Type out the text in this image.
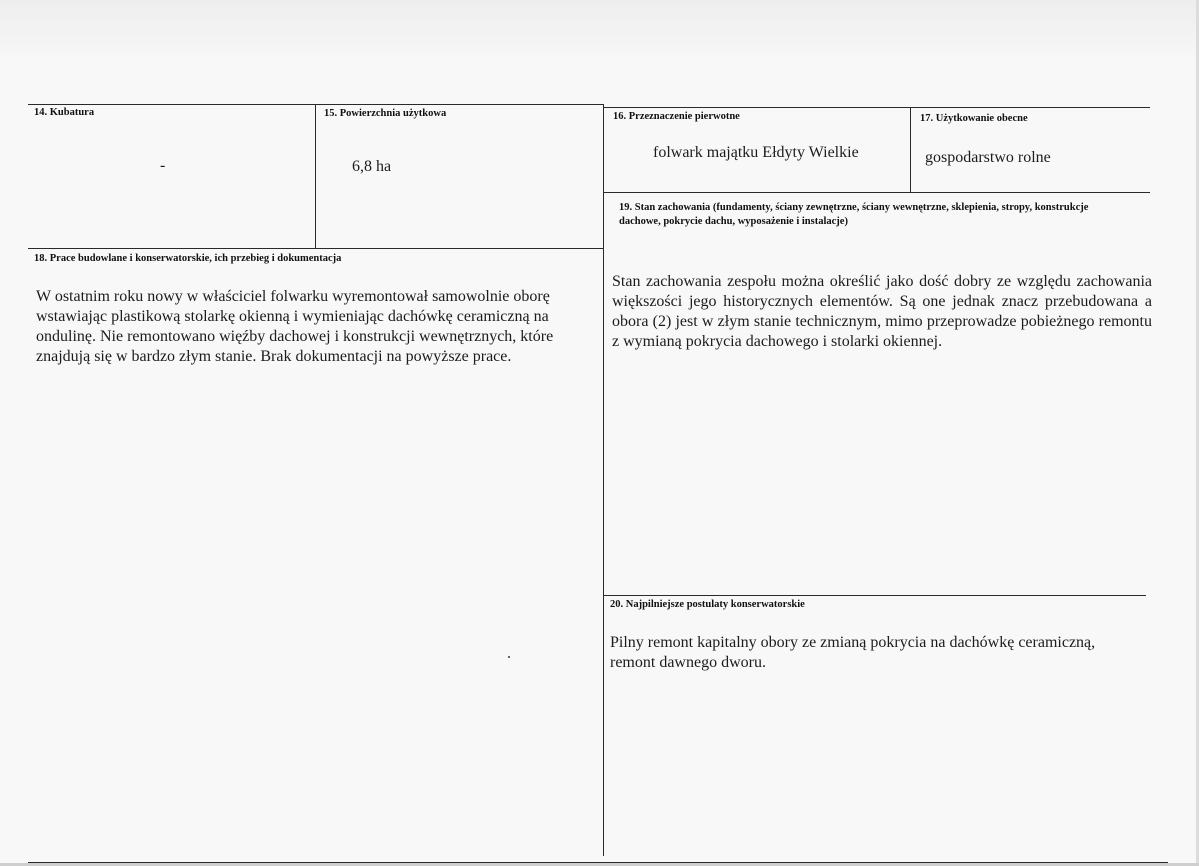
14. Kubatura
-
15. Powierzchnia użytkowa
6,8 ha
16. Przeznaczenie pierwotne
folwark majątku Ełdyty Wielkie
17. Użytkowanie obecne
gospodarstwo rolne
19. Stan zachowania (fundamenty, ściany zewnętrzne, ściany wewnętrzne, sklepienia, stropy, konstrukcje dachowe, pokrycie dachu, wyposażenie i instalacje)
Stan zachowania zespołu można określić jako dość dobry ze względu zachowania większości jego historycznych elementów. Są one jednak znacz przebudowana a obora (2) jest w złym stanie technicznym, mimo przeprowadze pobieżnego remontu z wymianą pokrycia dachowego i stolarki okiennej.
18. Prace budowlane i konserwatorskie, ich przebieg i dokumentacja
W ostatnim roku nowy w właściciel folwarku wyremontował samowolnie oborę wstawiając plastikową stolarkę okienną i wymieniając dachówkę ceramiczną na ondulinę. Nie remontowano więźby dachowej i konstrukcji wewnętrznych, które znajdują się w bardzo złym stanie. Brak dokumentacji na powyższe prace.
20. Najpilniejsze postulaty konserwatorskie
Pilny remont kapitalny obory ze zmianą pokrycia na dachówkę ceramiczną, remont dawnego dworu.
